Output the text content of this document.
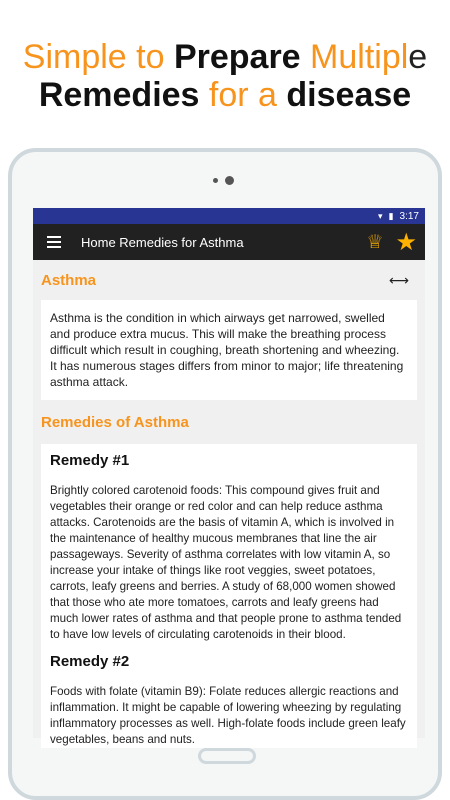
Simple to Prepare Multiple
Remedies for a disease
▾ ▮ 3:17
Home Remedies for Asthma	♕ ★
Asthma	⟷

Asthma is the condition in which airways get narrowed, swelled and produce extra mucus. This will make the breathing process difficult which result in coughing, breath shortening and wheezing. It has numerous stages differs from minor to major; life threatening asthma attack.

Remedies of Asthma

Remedy #1

Brightly colored carotenoid foods: This compound gives fruit and vegetables their orange or red color and can help reduce asthma attacks. Carotenoids are the basis of vitamin A, which is involved in the maintenance of healthy mucous membranes that line the air passageways. Severity of asthma correlates with low vitamin A, so increase your intake of things like root veggies, sweet potatoes, carrots, leafy greens and berries. A study of 68,000 women showed that those who ate more tomatoes, carrots and leafy greens had much lower rates of asthma and that people prone to asthma tended to have low levels of circulating carotenoids in their blood.

Remedy #2

Foods with folate (vitamin B9): Folate reduces allergic reactions and inflammation. It might be capable of lowering wheezing by regulating inflammatory processes as well. High-folate foods include green leafy vegetables, beans and nuts.
